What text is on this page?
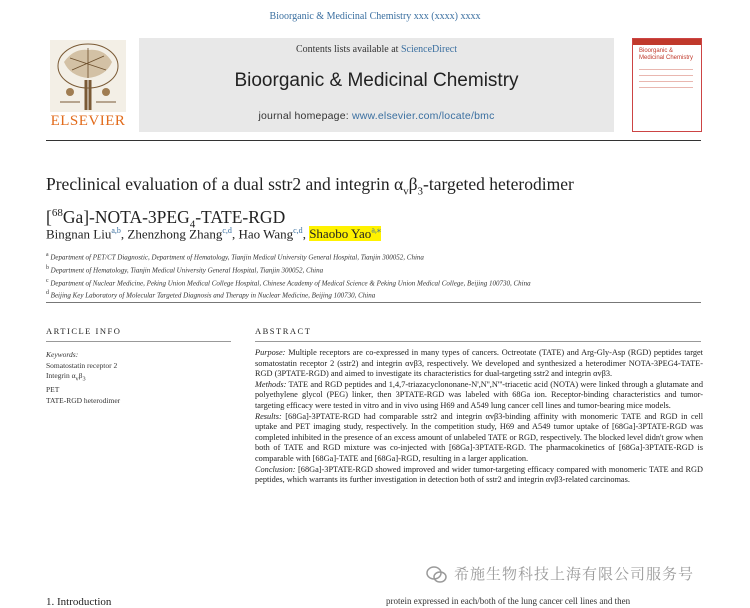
Bioorganic & Medicinal Chemistry xxx (xxxx) xxxx
ELSEVIER
Contents lists available at ScienceDirect
Bioorganic & Medicinal Chemistry
journal homepage: www.elsevier.com/locate/bmc
Bioorganic & Medicinal Chemistry
Preclinical evaluation of a dual sstr2 and integrin $\alpha_v\beta_3$-targeted heterodimer
$[^{68}Ga]-NOTA-3PEG_4-TATE$-RGD
Bingnan Liu$^{a,b}$, Zhenzhong Zhang$^{c,d}$, Hao Wang$^{c,d}$, Shaobo Yao$^{a,⁎}$
$^a$ Department of PET/CT Diagnostic, Department of Hematology, Tianjin Medical University General Hospital, Tianjin 300052, China
$^b$ Department of Hematology, Tianjin Medical University General Hospital, Tianjin 300052, China
$^c$ Department of Nuclear Medicine, Peking Union Medical College Hospital, Chinese Academy of Medical Science & Peking Union Medical College, Beijing 100730, China
$^d$ Beijing Key Laboratory of Molecular Targeted Diagnosis and Therapy in Nuclear Medicine, Beijing 100730, China
ARTICLE INFO	ABSTRACT
Keywords:
Somatostatin receptor 2
Integrin $\alpha_v\beta_3$
PET
TATE-RGD heterodimer

Purpose: Multiple receptors are co-expressed in many types of cancers. Octreotate (TATE) and Arg-Gly-Asp (RGD) peptides target somatostatin receptor 2 (sstr2) and integrin αvβ3, respectively. We developed and synthesized a heterodimer NOTA-3PEG4-TATE-RGD (3PTATE-RGD) and aimed to investigate its characteristics for dual-targeting sstr2 and integrin αvβ3.

Methods: TATE and RGD peptides and 1,4,7-triazacyclononane-N',N'',N'''-triacetic acid (NOTA) were linked through a glutamate and polyethylene glycol (PEG) linker, then 3PTATE-RGD was labeled with 68Ga ion. Receptor-binding characteristics and tumor-targeting efficacy were tested in vitro and in vivo using H69 and A549 lung cancer cell lines and tumor-bearing mice models.

Results: [68Ga]-3PTATE-RGD had comparable sstr2 and integrin αvβ3-binding affinity with monomeric TATE and RGD in cell uptake and PET imaging study, respectively. In the competition study, H69 and A549 tumor uptake of [68Ga]-3PTATE-RGD was completed inhibited in the presence of an excess amount of unlabeled TATE or RGD, respectively. The blocked level didn't grow when both of TATE and RGD mixture was co-injected with [68Ga]-3PTATE-RGD. The pharmacokinetics of [68Ga]-3PTATE-RGD is comparable with [68Ga]-TATE and [68Ga]-RGD, resulting in a larger application.

Conclusion: [68Ga]-3PTATE-RGD showed improved and wider tumor-targeting efficacy compared with monomeric TATE and RGD peptides, which warrants its further investigation in detection both of sstr2 and integrin αvβ3-related carcinomas.

希施生物科技上海有限公司服务号
1. Introduction	protein expressed in each/both of the lung cancer cell lines and then
